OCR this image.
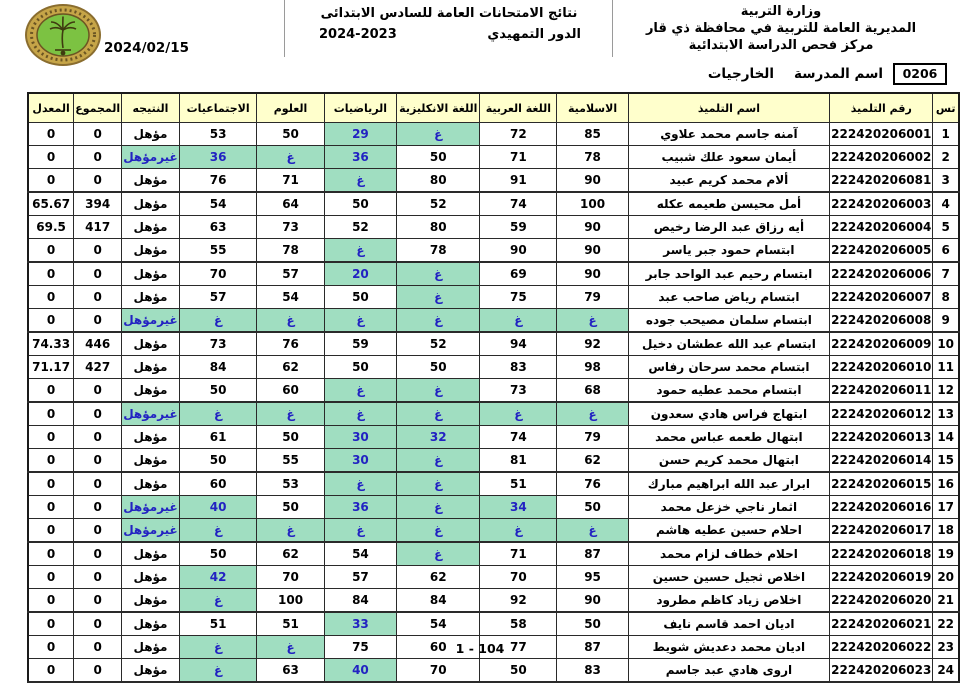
2024/02/15
نتائج الامتحانات العامة للسادس الابتدائى
الدور التمهيدي
2024-2023
وزارة التربية
المديرية العامة للتربية في محافظة ذي قار
مركز فحص الدراسة الابتدائية
0206
اسم المدرسة
الخارجيات
تس	رقم التلميذ	اسم التلميذ	الاسلامية	اللغة العربية	اللغة الانكليزية	الرياضيات	العلوم	الاجتماعيات	النتيجه	المجموع	المعدل
1	222420206001	آمنه جاسم محمد علاوي	85	72	غ	29	50	53	مؤهل	0	0
2	222420206002	أيمان سعود علك شبيب	78	71	50	36	غ	36	غيرمؤهل	0	0
3	222420206081	ألام محمد كريم عبيد	90	91	80	غ	71	76	مؤهل	0	0
4	222420206003	أمل محيسن طعيمه عكله	100	74	52	50	64	54	مؤهل	394	65.67
5	222420206004	أيه رزاق عبد الرضا رخيص	90	59	80	52	73	63	مؤهل	417	69.5
6	222420206005	ابتسام حمود جبر ياسر	90	90	78	غ	78	55	مؤهل	0	0
7	222420206006	ابتسام رحيم عبد الواحد جابر	90	69	غ	20	57	70	مؤهل	0	0
8	222420206007	ابتسام رياض صاحب عبد	79	75	غ	50	54	57	مؤهل	0	0
9	222420206008	ابتسام سلمان مصيحب جوده	غ	غ	غ	غ	غ	غ	غيرمؤهل	0	0
10	222420206009	ابتسام عبد الله عطشان دخيل	92	94	52	59	76	73	مؤهل	446	74.33
11	222420206010	ابتسام محمد سرحان رفاس	98	83	50	50	62	84	مؤهل	427	71.17
12	222420206011	ابتسام محمد عطيه حمود	68	73	غ	غ	60	50	مؤهل	0	0
13	222420206012	ابتهاج فراس هادي سعدون	غ	غ	غ	غ	غ	غ	غيرمؤهل	0	0
14	222420206013	ابتهال طعمه عباس محمد	79	74	32	30	50	61	مؤهل	0	0
15	222420206014	ابتهال محمد كريم حسن	62	81	غ	30	55	50	مؤهل	0	0
16	222420206015	ابرار عبد الله ابراهيم مبارك	76	51	غ	غ	53	60	مؤهل	0	0
17	222420206016	اثمار ناجي خزعل محمد	50	34	غ	36	50	40	غيرمؤهل	0	0
18	222420206017	احلام حسين عطيه هاشم	غ	غ	غ	غ	غ	غ	غيرمؤهل	0	0
19	222420206018	احلام خطاف لزام محمد	87	71	غ	54	62	50	مؤهل	0	0
20	222420206019	اخلاص ثجيل حسين حسين	95	70	62	57	70	42	مؤهل	0	0
21	222420206020	اخلاص زياد كاظم مطرود	90	92	84	84	100	غ	مؤهل	0	0
22	222420206021	اديان احمد قاسم نايف	50	58	54	33	51	51	مؤهل	0	0
23	222420206022	اديان محمد دعديش شويط	87	77	60	75	غ	غ	مؤهل	0	0
24	222420206023	اروى هادي عبد جاسم	83	50	70	40	63	غ	مؤهل	0	0
1 - 104
